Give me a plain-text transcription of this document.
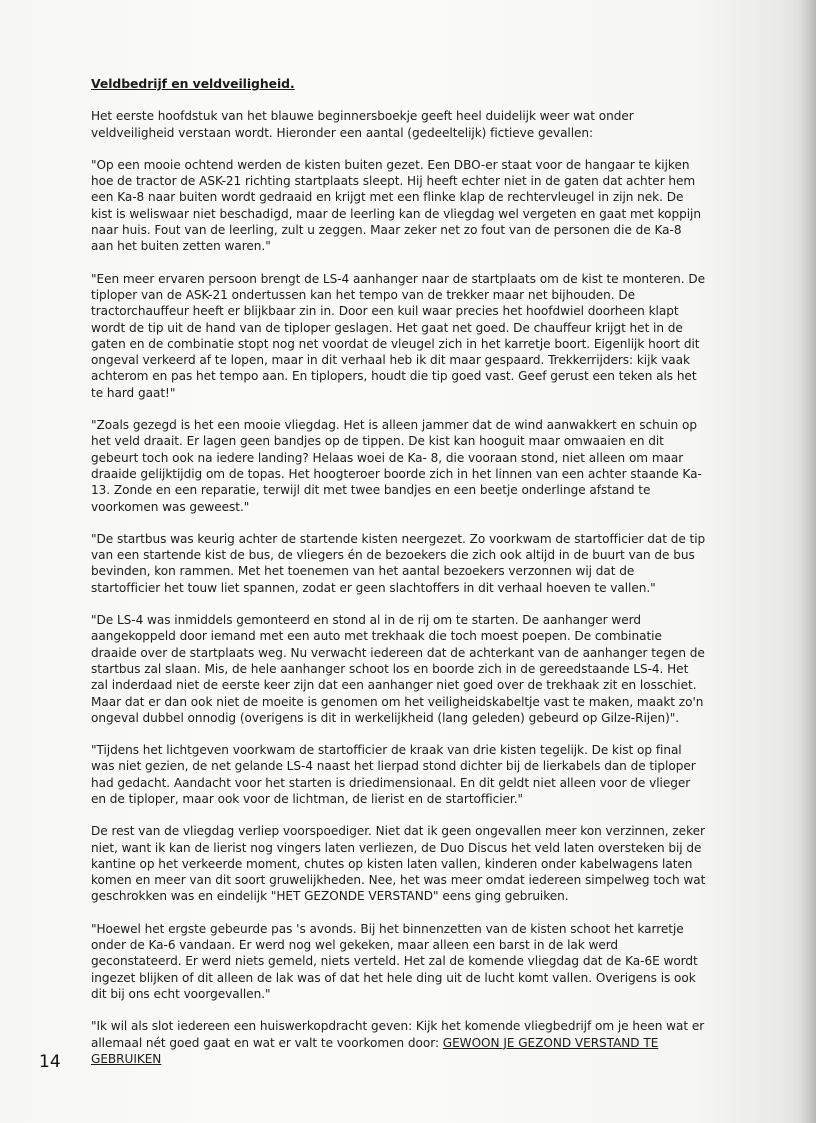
Veldbedrijf en veldveiligheid.

Het eerste hoofdstuk van het blauwe beginnersboekje geeft heel duidelijk weer wat onder veldveiligheid verstaan wordt. Hieronder een aantal (gedeeltelijk) fictieve gevallen:

"Op een mooie ochtend werden de kisten buiten gezet. Een DBO-er staat voor de hangaar te kijken hoe de tractor de ASK-21 richting startplaats sleept. Hij heeft echter niet in de gaten dat achter hem een Ka-8 naar buiten wordt gedraaid en krijgt met een flinke klap de rechtervleugel in zijn nek. De kist is weliswaar niet beschadigd, maar de leerling kan de vliegdag wel vergeten en gaat met koppijn naar huis. Fout van de leerling, zult u zeggen. Maar zeker net zo fout van de personen die de Ka-8 aan het buiten zetten waren."

"Een meer ervaren persoon brengt de LS-4 aanhanger naar de startplaats om de kist te monteren. De tiploper van de ASK-21 ondertussen kan het tempo van de trekker maar net bijhouden. De tractorchauffeur heeft er blijkbaar zin in. Door een kuil waar precies het hoofdwiel doorheen klapt wordt de tip uit de hand van de tiploper geslagen. Het gaat net goed. De chauffeur krijgt het in de gaten en de combinatie stopt nog net voordat de vleugel zich in het karretje boort. Eigenlijk hoort dit ongeval verkeerd af te lopen, maar in dit verhaal heb ik dit maar gespaard. Trekkerrijders: kijk vaak achterom en pas het tempo aan. En tiplopers, houdt die tip goed vast. Geef gerust een teken als het te hard gaat!"

"Zoals gezegd is het een mooie vliegdag. Het is alleen jammer dat de wind aanwakkert en schuin op het veld draait. Er lagen geen bandjes op de tippen. De kist kan hooguit maar omwaaien en dit gebeurt toch ook na iedere landing? Helaas woei de Ka- 8, die vooraan stond, niet alleen om maar draaide gelijktijdig om de topas. Het hoogteroer boorde zich in het linnen van een achter staande Ka-13. Zonde en een reparatie, terwijl dit met twee bandjes en een beetje onderlinge afstand te voorkomen was geweest."

"De startbus was keurig achter de startende kisten neergezet. Zo voorkwam de startofficier dat de tip van een startende kist de bus, de vliegers én de bezoekers die zich ook altijd in de buurt van de bus bevinden, kon rammen. Met het toenemen van het aantal bezoekers verzonnen wij dat de startofficier het touw liet spannen, zodat er geen slachtoffers in dit verhaal hoeven te vallen."

"De LS-4 was inmiddels gemonteerd en stond al in de rij om te starten. De aanhanger werd aangekoppeld door iemand met een auto met trekhaak die toch moest poepen. De combinatie draaide over de startplaats weg. Nu verwacht iedereen dat de achterkant van de aanhanger tegen de startbus zal slaan. Mis, de hele aanhanger schoot los en boorde zich in de gereedstaande LS-4. Het zal inderdaad niet de eerste keer zijn dat een aanhanger niet goed over de trekhaak zit en losschiet. Maar dat er dan ook niet de moeite is genomen om het veiligheidskabeltje vast te maken, maakt zo'n ongeval dubbel onnodig (overigens is dit in werkelijkheid (lang geleden) gebeurd op Gilze-Rijen)".

"Tijdens het lichtgeven voorkwam de startofficier de kraak van drie kisten tegelijk. De kist op final was niet gezien, de net gelande LS-4 naast het lierpad stond dichter bij de lierkabels dan de tiploper had gedacht. Aandacht voor het starten is driedimensionaal. En dit geldt niet alleen voor de vlieger en de tiploper, maar ook voor de lichtman, de lierist en de startofficier."

De rest van de vliegdag verliep voorspoediger. Niet dat ik geen ongevallen meer kon verzinnen, zeker niet, want ik kan de lierist nog vingers laten verliezen, de Duo Discus het veld laten oversteken bij de kantine op het verkeerde moment, chutes op kisten laten vallen, kinderen onder kabelwagens laten komen en meer van dit soort gruwelijkheden. Nee, het was meer omdat iedereen simpelweg toch wat geschrokken was en eindelijk "HET GEZONDE VERSTAND" eens ging gebruiken.

"Hoewel het ergste gebeurde pas 's avonds. Bij het binnenzetten van de kisten schoot het karretje onder de Ka-6 vandaan. Er werd nog wel gekeken, maar alleen een barst in de lak werd geconstateerd. Er werd niets gemeld, niets verteld. Het zal de komende vliegdag dat de Ka-6E wordt ingezet blijken of dit alleen de lak was of dat het hele ding uit de lucht komt vallen. Overigens is ook dit bij ons echt voorgevallen."

"Ik wil als slot iedereen een huiswerkopdracht geven: Kijk het komende vliegbedrijf om je heen wat er allemaal nét goed gaat en wat er valt te voorkomen door: GEWOON JE GEZOND VERSTAND TE GEBRUIKEN

14
